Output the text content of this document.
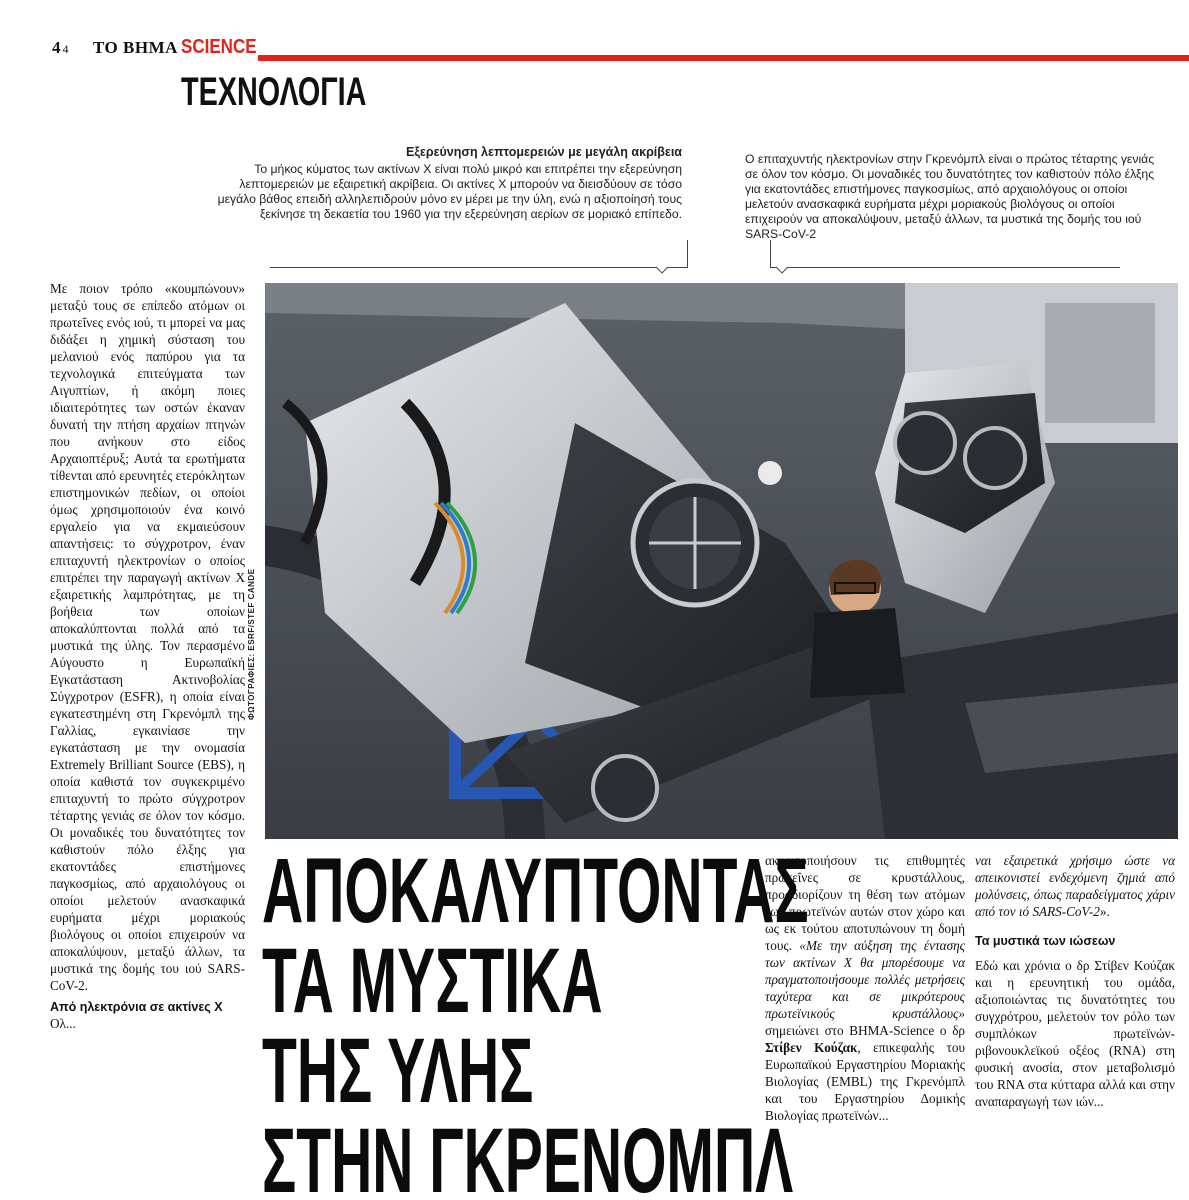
4 4 ΤΟ ΒΗΜΑ SCIENCE
ΤΕΧΝΟΛΟΓΙΑ
Εξερεύνηση λεπτομερειών με μεγάλη ακρίβεια

Το μήκος κύματος των ακτίνων Χ είναι πολύ μικρό και επιτρέπει την εξερεύνηση λεπτομερειών με εξαιρετική ακρίβεια. Οι ακτίνες Χ μπορούν να διεισδύουν σε τόσο μεγάλο βάθος επειδή αλληλεπιδρούν μόνο εν μέρει με την ύλη, ενώ η αξιοποίησή τους ξεκίνησε τη δεκαετία του 1960 για την εξερεύνηση αερίων σε μοριακό επίπεδο.

Ο επιταχυντής ηλεκτρονίων στην Γκρενόμπλ είναι ο πρώτος τέταρτης γενιάς σε όλον τον κόσμο. Οι μοναδικές του δυνατότητες τον καθιστούν πόλο έλξης για εκατοντάδες επιστήμονες παγκοσμίως, από αρχαιολόγους οι οποίοι μελετούν ανασκαφικά ευρήματα μέχρι μοριακούς βιολόγους οι οποίοι επιχειρούν να αποκαλύψουν, μεταξύ άλλων, τα μυστικά της δομής του ιού SARS-CoV-2

Με ποιον τρόπο «κουμπώνουν» μεταξύ τους σε επίπεδο ατόμων οι πρωτεΐνες ενός ιού, τι μπορεί να μας διδάξει η χημική σύσταση του μελανιού ενός παπύρου για τα τεχνολογικά επιτεύγματα των Αιγυπτίων, ή ακόμη ποιες ιδιαιτερότητες των οστών έκαναν δυνατή την πτήση αρχαίων πτηνών που ανήκουν στο είδος Αρχαιοπτέρυξ; Αυτά τα ερωτήματα τίθενται από ερευνητές ετερόκλητων επιστημονικών πεδίων, οι οποίοι όμως χρησιμοποιούν ένα κοινό εργαλείο για να εκμαιεύσουν απαντήσεις: το σύγχροτρον, έναν επιταχυντή ηλεκτρονίων ο οποίος επιτρέπει την παραγωγή ακτίνων Χ εξαιρετικής λαμπρότητας, με τη βοήθεια των οποίων αποκαλύπτονται πολλά από τα μυστικά της ύλης. Τον περασμένο Αύγουστο η Ευρωπαϊκή Εγκατάσταση Ακτινοβολίας Σύγχροτρον (ESFR), η οποία είναι εγκατεστημένη στη Γκρενόμπλ της Γαλλίας, εγκαινίασε την εγκατάσταση με την ονομασία Extremely Brilliant Source (EBS), η οποία καθιστά τον συγκεκριμένο επιταχυντή το πρώτο σύγχροτρον τέταρτης γενιάς σε όλον τον κόσμο. Οι μοναδικές του δυνατότητες τον καθιστούν πόλο έλξης για εκατοντάδες επιστήμονες παγκοσμίως, από αρχαιολόγους οι οποίοι μελετούν ανασκαφικά ευρήματα μέχρι μοριακούς βιολόγους οι οποίοι επιχειρούν να αποκαλύψουν, μεταξύ άλλων, τα μυστικά της δομής του ιού SARS-CoV-2.

Από ηλεκτρόνια σε ακτίνες Χ

Ολ...

ΦΩΤΟΓΡΑΦΙΕΣ: ESRF/STEF CANDE
ΑΠΟΚΑΛΥΠΤΟΝΤΑΣ
ΤΑ ΜΥΣΤΙΚΑ
ΤΗΣ ΥΛΗΣ
ΣΤΗΝ ΓΚΡΕΝΟΜΠΛ
ακινητοποιήσουν τις επιθυμητές πρωτεΐνες σε κρυστάλλους, προσδιορίζουν τη θέση των ατόμων των πρωτεϊνών αυτών στον χώρο και ως εκ τούτου αποτυπώνουν τη δομή τους. «Με την αύξηση της έντασης των ακτίνων Χ θα μπορέσουμε να πραγματοποιήσουμε πολλές μετρήσεις ταχύτερα και σε μικρότερους πρωτεϊνικούς κρυστάλλους» σημειώνει στο ΒΗΜΑ-Science ο δρ Στίβεν Κούζακ, επικεφαλής του Ευρωπαϊκού Εργαστηρίου Μοριακής Βιολογίας (EMBL) της Γκρενόμπλ και του Εργαστηρίου Δομικής Βιολογίας πρωτεϊνών...

ναι εξαιρετικά χρήσιμο ώστε να απεικονιστεί ενδεχόμενη ζημιά από μολύνσεις, όπως παραδείγματος χάριν από τον ιό SARS-CoV-2».

Τα μυστικά των ιώσεων

Εδώ και χρόνια ο δρ Στίβεν Κούζακ και η ερευνητική του ομάδα, αξιοποιώντας τις δυνατότητες του συγχρότρου, μελετούν τον ρόλο των συμπλόκων πρωτεϊνών-ριβονουκλεϊκού οξέος (RNA) στη φυσική ανοσία, στον μεταβολισμό του RNA στα κύτταρα αλλά και στην αναπαραγωγή των ιών...
